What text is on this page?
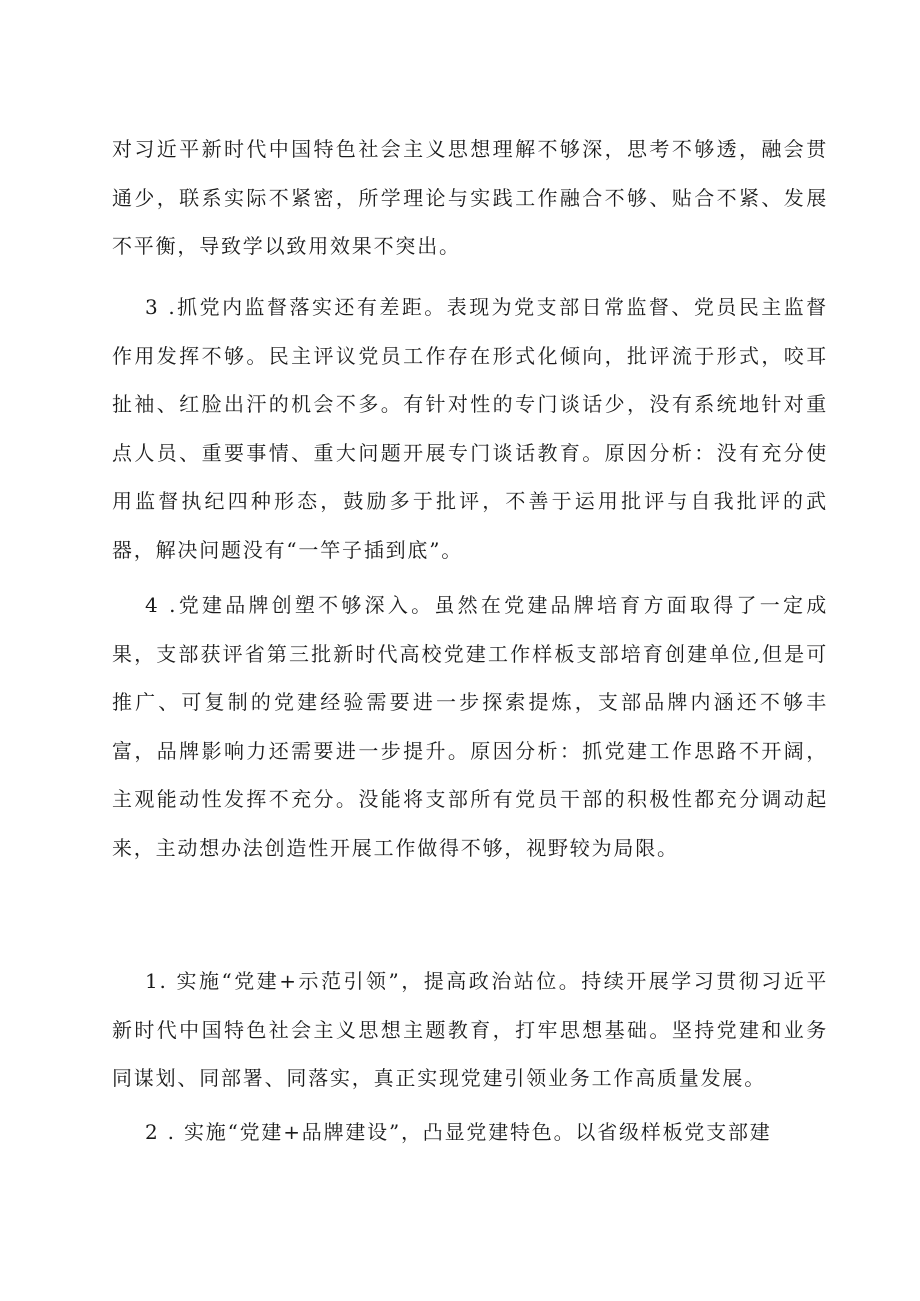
对习近平新时代中国特色社会主义思想理解不够深，思考不够透，融会贯通少，联系实际不紧密，所学理论与实践工作融合不够、贴合不紧、发展不平衡，导致学以致用效果不突出。

3 .抓党内监督落实还有差距。表现为党支部日常监督、党员民主监督作用发挥不够。民主评议党员工作存在形式化倾向，批评流于形式，咬耳扯袖、红脸出汗的机会不多。有针对性的专门谈话少，没有系统地针对重点人员、重要事情、重大问题开展专门谈话教育。原因分析：没有充分使用监督执纪四种形态，鼓励多于批评，不善于运用批评与自我批评的武器，解决问题没有“一竿子插到底”。

4 .党建品牌创塑不够深入。虽然在党建品牌培育方面取得了一定成果，支部获评省第三批新时代高校党建工作样板支部培育创建单位,但是可推广、可复制的党建经验需要进一步探索提炼，支部品牌内涵还不够丰富，品牌影响力还需要进一步提升。原因分析：抓党建工作思路不开阔，主观能动性发挥不充分。没能将支部所有党员干部的积极性都充分调动起来，主动想办法创造性开展工作做得不够，视野较为局限。

1. 实施“党建+示范引领”，提高政治站位。持续开展学习贯彻习近平新时代中国特色社会主义思想主题教育，打牢思想基础。坚持党建和业务同谋划、同部署、同落实，真正实现党建引领业务工作高质量发展。

2 . 实施“党建+品牌建设”，凸显党建特色。以省级样板党支部建
